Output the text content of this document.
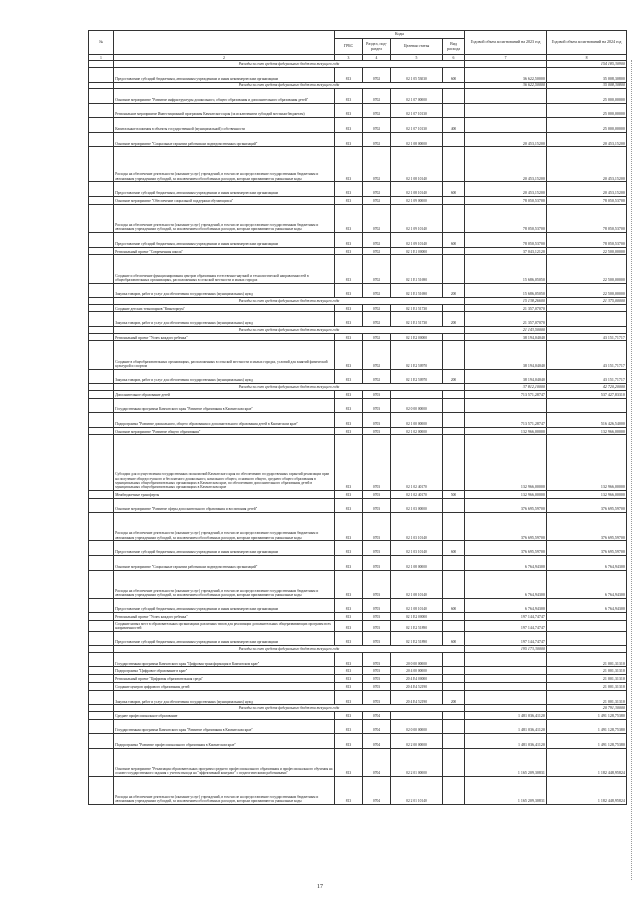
№		Коды				Годовой объем ассигнований на 2023 год	Годовой объем ассигнований на 2024 год
		ГРБС	Раздел, под-раздел	Целевая статья	Вид расхода		
1	2	3	4	5	6	7	8
	Расходы за счет средств федерального бюджета текущего года						154 185,30900
	Предоставление субсидий бюджетным, автономным учреждениям и иным некоммерческим организациям	813	0702	02 1 05 53030	600	36 622,50000	35 008,30800
	Расходы за счет средств федерального бюджета текущего года					36 622,50000	35 008,30800
	Основное мероприятие "Развитие инфраструктуры дошкольного, общего образования и дополнительного образования детей"	813	0702	02 1 07 00000			25 000,00000
	Региональное мероприятие Инвестиционной программы Камчатского края (за исключением субсидий местным бюджетам)	813	0702	02 1 07 10130			25 000,00000
	Капитальные вложения в объекты государственной (муниципальной) собственности	813	0702	02 1 07 10130	400		25 000,00000
	Основное мероприятие "Социальные гарантии работникам подведомственных организаций"	813	0702	02 1 08 00000		20 453,15200	20 453,15200
	Расходы на обеспечение деятельности (оказание услуг) учреждений, в том числе на предоставление государственным бюджетным и автономным учреждениям субсидий, за исключением обособленных расходов, которым присваиваются уникальные коды	813	0702	02 1 08 10140		20 453,15200	20 453,15200
	Предоставление субсидий бюджетным, автономным учреждениям и иным некоммерческим организациям	813	0702	02 1 08 10140	600	20 453,15200	20 453,15200
	Основное мероприятие "Обеспечение социальной поддержки обучающихся"	813	0702	02 1 09 00000		78 050,53700	78 050,53700
	Расходы на обеспечение деятельности (оказание услуг) учреждений, в том числе на предоставление государственным бюджетным и автономным учреждениям субсидий, за исключением обособленных расходов, которым присваиваются уникальные коды	813	0702	02 1 09 10140		78 050,53700	78 050,53700
	Предоставление субсидий бюджетным, автономным учреждениям и иным некоммерческим организациям	813	0702	02 1 09 10140	600	78 050,53700	78 050,53700
	Региональный проект "Современная школа"	813	0702	02 1 E1 00000		37 043,12120	22 500,00000
	Создание и обеспечение функционирования центров образования естественно-научной и технологической направленностей в общеобразовательных организациях, расположенных в сельской местности и малых городах	813	0702	02 1 E1 51690		15 686,05050	22 500,00000
	Закупка товаров, работ и услуг для обеспечения государственных (муниципальных) нужд	813	0702	02 1 E1 51690	200	15 686,05050	22 500,00000
	Расходы за счет средств федерального бюджета текущего года					15 138,26600	21 375,00000
	Создание детских технопарков "Кванториум"	813	0702	02 1 E1 51730		21 357,07070	
	Закупка товаров, работ и услуг для обеспечения государственных (муниципальных) нужд	813	0702	02 1 E1 51730	200	21 357,07070	
	Расходы за счет средств федерального бюджета текущего года					21 143,50000	
	Региональный проект "Успех каждого ребенка"	813	0702	02 1 E2 00000		38 194,04040	43 151,71717
	Создание в общеобразовательных организациях, расположенных в сельской местности и малых городах, условий для занятий физической культурой и спортом	813	0702	02 1 E2 50970		38 194,04040	43 151,71717
	Закупка товаров, работ и услуг для обеспечения государственных (муниципальных) нужд	813	0702	02 1 E2 50970	200	38 194,04040	43 151,71717
	Расходы за счет средств федерального бюджета текущего года					37 812,10000	42 720,20000
	Дополнительное образование детей	813	0703			713 571,28747	537 427,83310
	Государственная программа Камчатского края "Развитие образования в Камчатском крае"	813	0703	02 0 00 00000			
	Подпрограмма "Развитие дошкольного, общего образования и дополнительного образования детей в Камчатском крае"	813	0703	02 1 00 00000		713 571,28747	516 426,54000
	Основное мероприятие "Развитие общего образования"	813	0703	02 1 02 00000		132 966,00000	132 966,00000
	Субсидии для осуществления государственных полномочий Камчатского края по обеспечению государственных гарантий реализации прав на получение общедоступного и бесплатного дошкольного, начального общего, основного общего, среднего общего образования в муниципальных общеобразовательных организациях в Камчатском крае, по обеспечению дополнительного образования детей в муниципальных общеобразовательных организациях в Камчатском крае	813	0703	02 1 02 40170		132 966,00000	132 966,00000
	Межбюджетные трансферты	813	0703	02 1 02 40170	500	132 966,00000	132 966,00000
	Основное мероприятие "Развитие сферы дополнительного образования и воспитания детей"	813	0703	02 1 03 00000		376 695,59700	376 695,59700
	Расходы на обеспечение деятельности (оказание услуг) учреждений, в том числе на предоставление государственным бюджетным и автономным учреждениям субсидий, за исключением обособленных расходов, которым присваиваются уникальные коды	813	0703	02 1 03 10140		376 695,59700	376 695,59700
	Предоставление субсидий бюджетным, автономным учреждениям и иным некоммерческим организациям	813	0703	02 1 03 10140	600	376 695,59700	376 695,59700
	Основное мероприятие "Социальные гарантии работникам подведомственных организаций"	813	0703	02 1 08 00000		6 764,94300	6 764,94300
	Расходы на обеспечение деятельности (оказание услуг) учреждений, в том числе на предоставление государственным бюджетным и автономным учреждениям субсидий, за исключением обособленных расходов, которым присваиваются уникальные коды	813	0703	02 1 08 10140		6 764,94300	6 764,94300
	Предоставление субсидий бюджетным, автономным учреждениям и иным некоммерческим организациям	813	0703	02 1 08 10140	600	6 764,94300	6 764,94300
	Региональный проект "Успех каждого ребенка"	813	0703	02 1 E2 00000		197 144,74747	
	Создание новых мест в образовательных организациях различных типов для реализации дополнительных общеразвивающих программ всех направленностей	813	0703	02 1 E2 51890		197 144,74747	
	Предоставление субсидий бюджетным, автономным учреждениям и иным некоммерческим организациям	813	0703	02 1 E2 51890	600	197 144,74747	
	Расходы за счет средств федерального бюджета текущего года					195 173,30000	
	Государственная программа Камчатского края "Цифровая трансформация в Камчатском крае"	813	0703	20 0 00 00000			21 001,31310
	Подпрограмма "Цифровое образование в крае"	813	0703	20 4 00 00000			21 001,31310
	Региональный проект "Цифровая образовательная среда"	813	0703	20 4 E4 00000			21 001,31310
	Создание центров цифрового образования детей	813	0703	20 4 E4 52190			21 001,31310
	Закупка товаров, работ и услуг для обеспечения государственных (муниципальных) нужд	813	0703	20 4 E4 52190	200		21 001,31310
	Расходы за счет средств федерального бюджета текущего года						20 791,30000
	Среднее профессиональное образование	813	0704			1 481 036,41120	1 491 128,75380
	Государственная программа Камчатского края "Развитие образования в Камчатском крае"	813	0704	02 0 00 00000		1 481 036,41120	1 491 128,75380
	Подпрограмма "Развитие профессионального образования в Камчатском крае"	813	0704	02 2 00 00000		1 481 036,41120	1 491 128,75380
	Основное мероприятие "Реализация образовательных программ среднего профессионального образования и профессионального обучения на основе государственного задания с учетом выхода на "эффективный контракт" с педагогическими работниками"	813	0704	02 2 01 00000		1 165 209,30831	1 182 448,95824
	Расходы на обеспечение деятельности (оказание услуг) учреждений, в том числе на предоставление государственным бюджетным и автономным учреждениям субсидий, за исключением обособленных расходов, которым присваиваются уникальные коды	813	0704	02 2 01 10140		1 165 209,30831	1 182 448,95824
17
